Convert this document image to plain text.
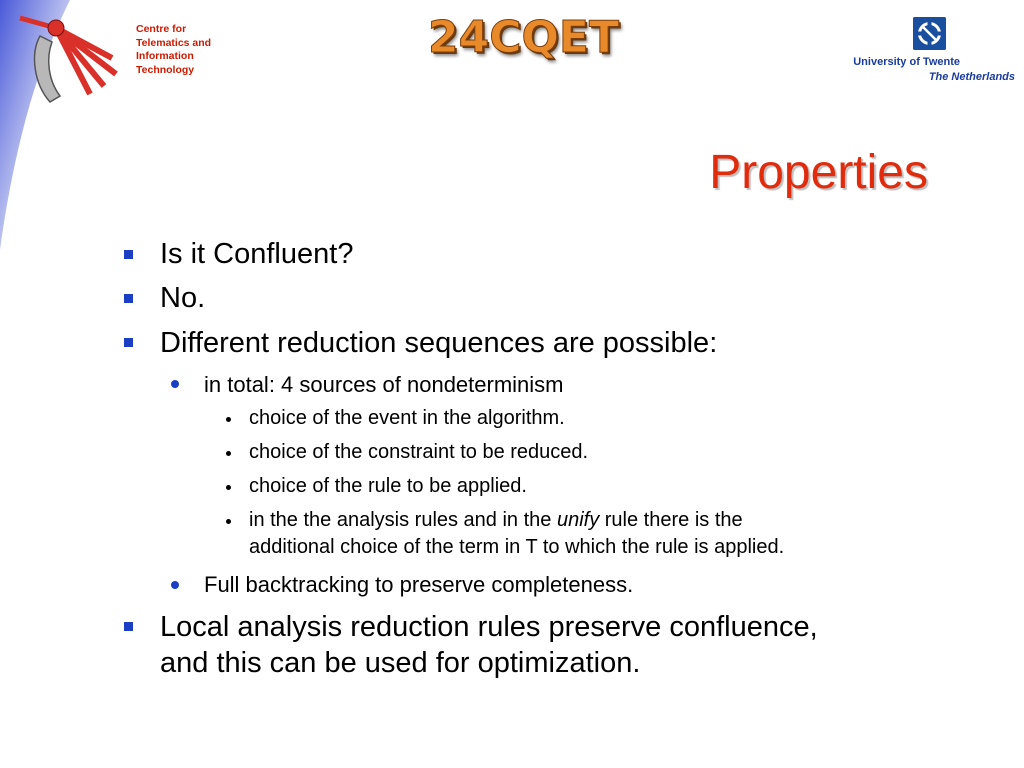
Centre for
Telematics and
Information
Technology
24CQET	University of Twente
The Netherlands
Properties
Is it Confluent?
No.
Different reduction sequences are possible:
in total: 4 sources of nondeterminism
choice of the event in the algorithm.
choice of the constraint to be reduced.
choice of the rule to be applied.
in the the analysis rules and in the unify rule there is the
additional choice of the term in T to which the rule is applied.
Full backtracking to preserve completeness.
Local analysis reduction rules preserve confluence,
and this can be used for optimization.
